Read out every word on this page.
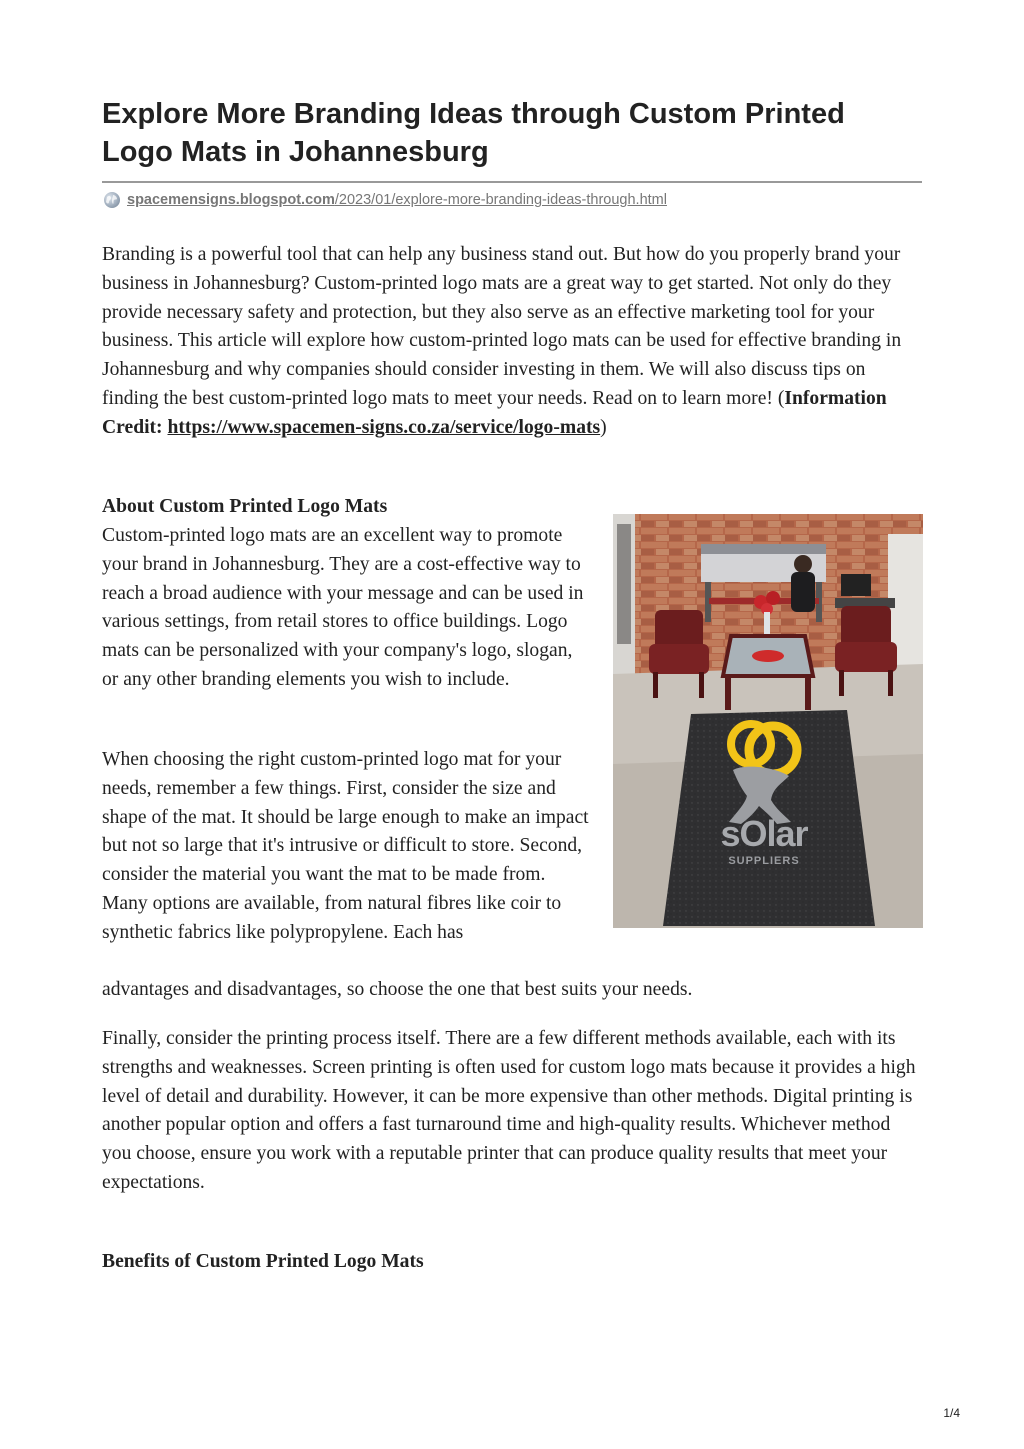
Explore More Branding Ideas through Custom Printed
Logo Mats in Johannesburg
spacemensigns.blogspot.com/2023/01/explore-more-branding-ideas-through.html

Branding is a powerful tool that can help any business stand out. But how do you properly brand your business in Johannesburg? Custom-printed logo mats are a great way to get started. Not only do they provide necessary safety and protection, but they also serve as an effective marketing tool for your business. This article will explore how custom-printed logo mats can be used for effective branding in Johannesburg and why companies should consider investing in them. We will also discuss tips on finding the best custom-printed logo mats to meet your needs. Read on to learn more! (Information Credit: https://www.spacemen-signs.co.za/service/logo-mats)

About Custom Printed Logo Mats

Custom-printed logo mats are an excellent way to promote your brand in Johannesburg. They are a cost-effective way to reach a broad audience with your message and can be used in various settings, from retail stores to office buildings. Logo mats can be personalized with your company's logo, slogan, or any other branding elements you wish to include.

When choosing the right custom-printed logo mat for your needs, remember a few things. First, consider the size and shape of the mat. It should be large enough to make an impact but not so large that it's intrusive or difficult to store. Second, consider the material you want the mat to be made from. Many options are available, from natural fibres like coir to synthetic fabrics like polypropylene. Each has

advantages and disadvantages, so choose the one that best suits your needs.

Finally, consider the printing process itself. There are a few different methods available, each with its strengths and weaknesses. Screen printing is often used for custom logo mats because it provides a high level of detail and durability. However, it can be more expensive than other methods. Digital printing is another popular option and offers a fast turnaround time and high-quality results. Whichever method you choose, ensure you work with a reputable printer that can produce quality results that meet your expectations.

sOlar
SUPPLIERS
Benefits of Custom Printed Logo Mats
1/4
